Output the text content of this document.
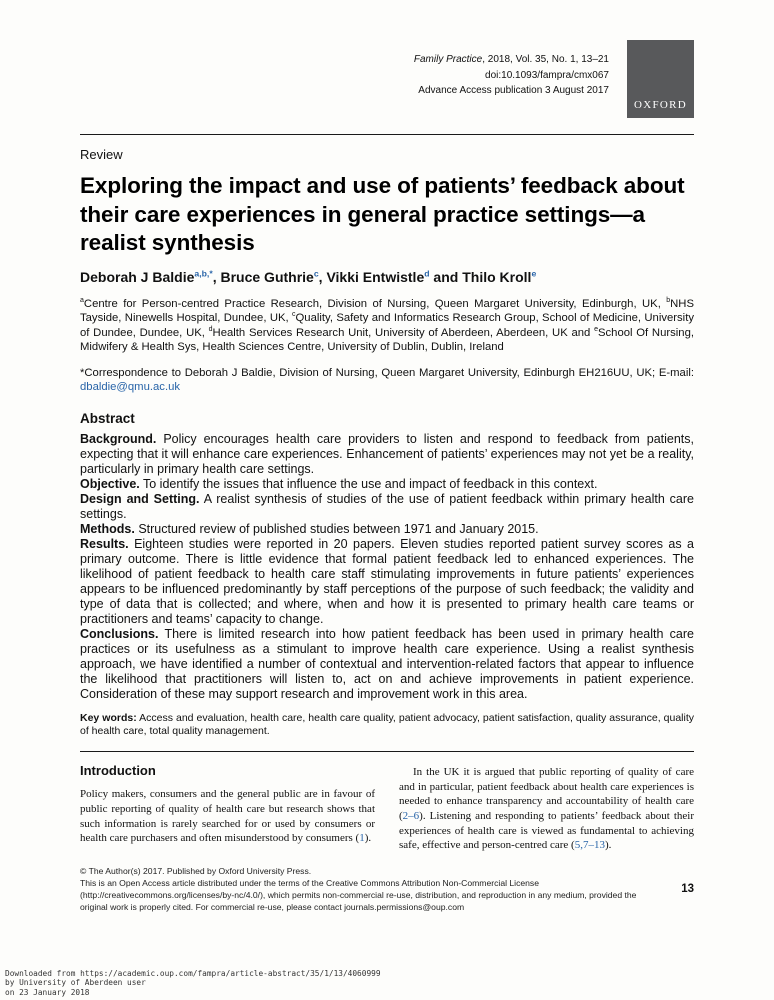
Family Practice, 2018, Vol. 35, No. 1, 13–21
doi:10.1093/fampra/cmx067
Advance Access publication 3 August 2017
OXFORD
Review
Exploring the impact and use of patients’ feedback about their care experiences in general practice settings—a realist synthesis
Deborah J Baldie$^{a,b,*}$, Bruce Guthrie$^c$, Vikki Entwistle$^d$ and Thilo Kroll$^e$

$^a$Centre for Person-centred Practice Research, Division of Nursing, Queen Margaret University, Edinburgh, UK, $^b$NHS Tayside, Ninewells Hospital, Dundee, UK, $^c$Quality, Safety and Informatics Research Group, School of Medicine, University of Dundee, Dundee, UK, $^d$Health Services Research Unit, University of Aberdeen, Aberdeen, UK and $^e$School Of Nursing, Midwifery & Health Sys, Health Sciences Centre, University of Dublin, Dublin, Ireland

*Correspondence to Deborah J Baldie, Division of Nursing, Queen Margaret University, Edinburgh EH216UU, UK; E-mail: dbaldie@qmu.ac.uk

Abstract

Background. Policy encourages health care providers to listen and respond to feedback from patients, expecting that it will enhance care experiences. Enhancement of patients’ experiences may not yet be a reality, particularly in primary health care settings.

Objective. To identify the issues that influence the use and impact of feedback in this context.

Design and Setting. A realist synthesis of studies of the use of patient feedback within primary health care settings.

Methods. Structured review of published studies between 1971 and January 2015.

Results. Eighteen studies were reported in 20 papers. Eleven studies reported patient survey scores as a primary outcome. There is little evidence that formal patient feedback led to enhanced experiences. The likelihood of patient feedback to health care staff stimulating improvements in future patients’ experiences appears to be influenced predominantly by staff perceptions of the purpose of such feedback; the validity and type of data that is collected; and where, when and how it is presented to primary health care teams or practitioners and teams’ capacity to change.

Conclusions. There is limited research into how patient feedback has been used in primary health care practices or its usefulness as a stimulant to improve health care experience. Using a realist synthesis approach, we have identified a number of contextual and intervention-related factors that appear to influence the likelihood that practitioners will listen to, act on and achieve improvements in patient experience. Consideration of these may support research and improvement work in this area.

Key words: Access and evaluation, health care, health care quality, patient advocacy, patient satisfaction, quality assurance, quality of health care, total quality management.

Introduction

Policy makers, consumers and the general public are in favour of public reporting of quality of health care but research shows that such information is rarely searched for or used by consumers or health care purchasers and often misunderstood by consumers (1).

In the UK it is argued that public reporting of quality of care and in particular, patient feedback about health care experiences is needed to enhance transparency and accountability of health care (2–6). Listening and responding to patients’ feedback about their experiences of health care is viewed as fundamental to achieving safe, effective and person-centred care (5,7–13).

© The Author(s) 2017. Published by Oxford University Press.
This is an Open Access article distributed under the terms of the Creative Commons Attribution Non-Commercial License (http://creativecommons.org/licenses/by-nc/4.0/), which permits non-commercial re-use, distribution, and reproduction in any medium, provided the original work is properly cited. For commercial re-use, please contact journals.permissions@oup.com
13
Downloaded from https://academic.oup.com/fampra/article-abstract/35/1/13/4060999
by University of Aberdeen user
on 23 January 2018
